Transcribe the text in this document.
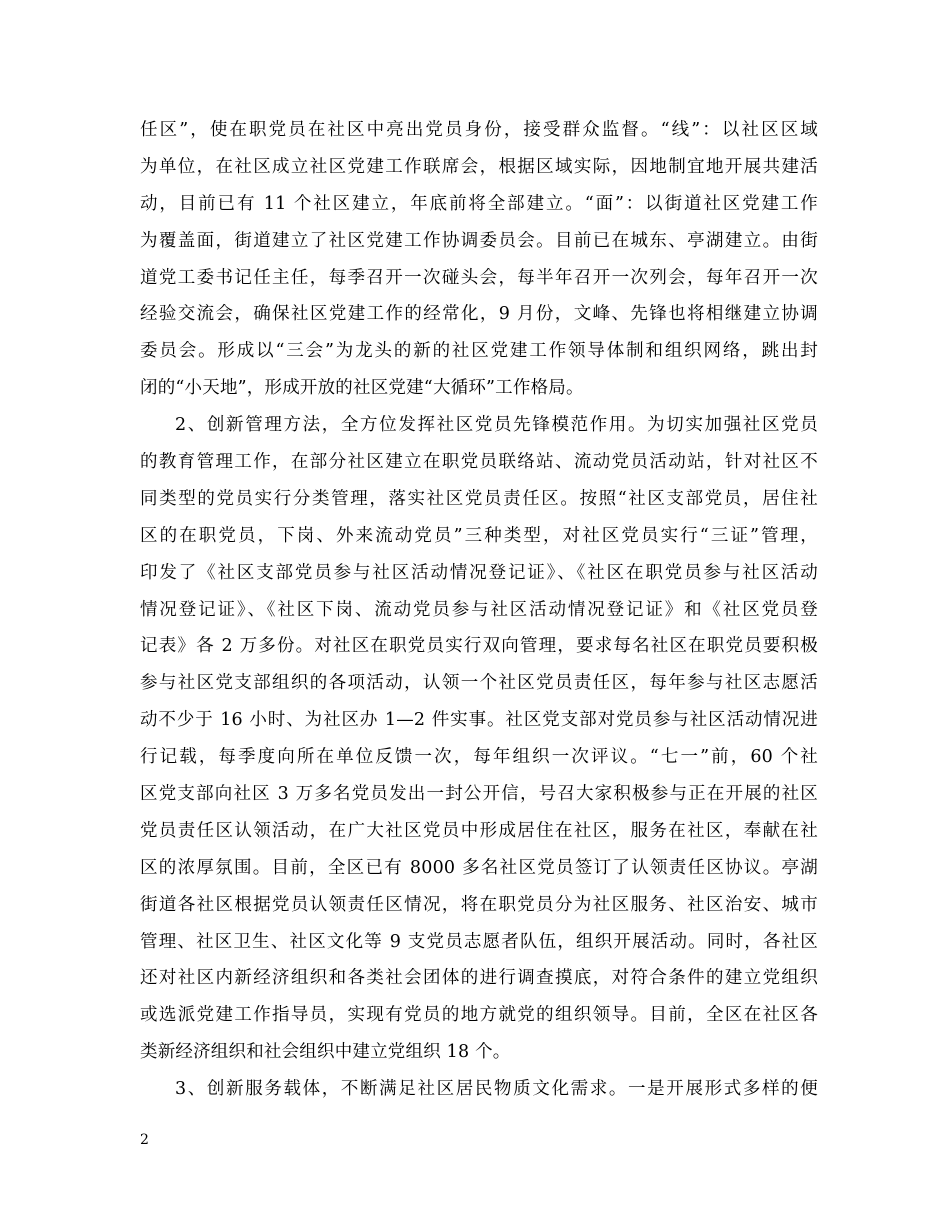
任区”，使在职党员在社区中亮出党员身份，接受群众监督。“线”：以社区区域
为单位，在社区成立社区党建工作联席会，根据区域实际，因地制宜地开展共建活
动，目前已有 11 个社区建立，年底前将全部建立。“面”：以街道社区党建工作
为覆盖面，街道建立了社区党建工作协调委员会。目前已在城东、亭湖建立。由街
道党工委书记任主任，每季召开一次碰头会，每半年召开一次列会，每年召开一次
经验交流会，确保社区党建工作的经常化，9 月份，文峰、先锋也将相继建立协调
委员会。形成以“三会”为龙头的新的社区党建工作领导体制和组织网络，跳出封
闭的“小天地”，形成开放的社区党建“大循环”工作格局。
2、创新管理方法，全方位发挥社区党员先锋模范作用。为切实加强社区党员
的教育管理工作，在部分社区建立在职党员联络站、流动党员活动站，针对社区不
同类型的党员实行分类管理，落实社区党员责任区。按照“社区支部党员，居住社
区的在职党员，下岗、外来流动党员”三种类型，对社区党员实行“三证”管理，
印发了《社区支部党员参与社区活动情况登记证》、《社区在职党员参与社区活动
情况登记证》、《社区下岗、流动党员参与社区活动情况登记证》和《社区党员登
记表》各 2 万多份。对社区在职党员实行双向管理，要求每名社区在职党员要积极
参与社区党支部组织的各项活动，认领一个社区党员责任区，每年参与社区志愿活
动不少于 16 小时、为社区办 1—2 件实事。社区党支部对党员参与社区活动情况进
行记载，每季度向所在单位反馈一次，每年组织一次评议。“七一”前，60 个社
区党支部向社区 3 万多名党员发出一封公开信，号召大家积极参与正在开展的社区
党员责任区认领活动，在广大社区党员中形成居住在社区，服务在社区，奉献在社
区的浓厚氛围。目前，全区已有 8000 多名社区党员签订了认领责任区协议。亭湖
街道各社区根据党员认领责任区情况，将在职党员分为社区服务、社区治安、城市
管理、社区卫生、社区文化等 9 支党员志愿者队伍，组织开展活动。同时，各社区
还对社区内新经济组织和各类社会团体的进行调查摸底，对符合条件的建立党组织
或选派党建工作指导员，实现有党员的地方就党的组织领导。目前，全区在社区各
类新经济组织和社会组织中建立党组织 18 个。
3、创新服务载体，不断满足社区居民物质文化需求。一是开展形式多样的便
2
